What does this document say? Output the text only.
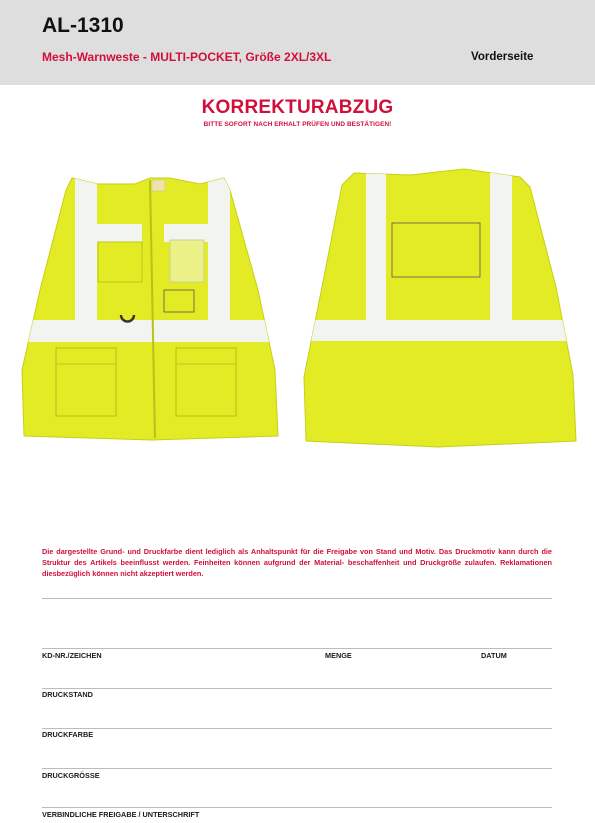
AL-1310
Mesh-Warnweste - MULTI-POCKET, Größe 2XL/3XL	Vorderseite
KORREKTURABZUG
BITTE SOFORT NACH ERHALT PRÜFEN UND BESTÄTIGEN!
Die dargestellte Grund- und Druckfarbe dient lediglich als Anhaltspunkt für die Freigabe von Stand und Motiv. Das Druckmotiv kann durch die Struktur des Artikels beeinflusst werden. Feinheiten können aufgrund der Material- beschaffenheit und Druckgröße zulaufen. Reklamationen diesbezüglich können nicht akzeptiert werden.
KD-NR./ZEICHEN	MENGE	DATUM
DRUCKSTAND
DRUCKFARBE
DRUCKGRÖSSE
VERBINDLICHE FREIGABE / UNTERSCHRIFT
